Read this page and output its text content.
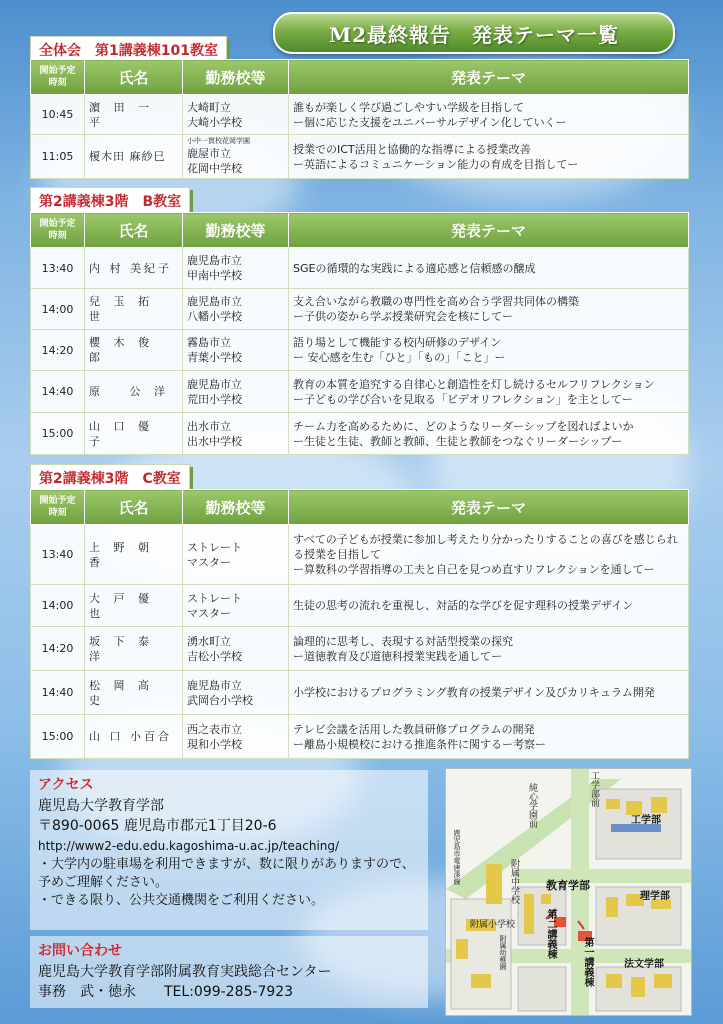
M2最終報告　発表テーマ一覧
全体会　第1講義棟101教室
開始予定
時刻	氏名	勤務校等	発表テーマ
10:45	濵 田 一 平	大崎町立
大崎小学校	誰もが楽しく学び過ごしやすい学級を目指して
ー個に応じた支援をユニバーサルデザイン化していくー
11:05	榎木田 麻紗巳	小中一貫校花岡学園
鹿屋市立
花岡中学校	授業でのICT活用と協働的な指導による授業改善
ー英語によるコミュニケーション能力の育成を目指してー
第2講義棟3階　B教室
開始予定
時刻	氏名	勤務校等	発表テーマ
13:40	内 村 美紀子	鹿児島市立
甲南中学校	SGEの循環的な実践による適応感と信頼感の醸成
14:00	兒 玉 拓 世	鹿児島市立
八幡小学校	支え合いながら教職の専門性を高め合う学習共同体の構築
ー子供の姿から学ぶ授業研究会を核にしてー
14:20	櫻 木 俊 郎	霧島市立
青葉小学校	語り場として機能する校内研修のデザイン
ー 安心感を生む「ひと」「もの」「こと」ー
14:40	原　 公 洋	鹿児島市立
荒田小学校	教育の本質を追究する自律心と創造性を灯し続けるセルフリフレクション
ー子どもの学び合いを見取る「ビデオリフレクション」を主としてー
15:00	山 口 優 子	出水市立
出水中学校	チーム力を高めるために、どのようなリーダーシップを図ればよいか
ー生徒と生徒、教師と教師、生徒と教師をつなぐリーダーシップー
第2講義棟3階　C教室
開始予定
時刻	氏名	勤務校等	発表テーマ
13:40	上 野 朝 香	ストレート
マスター	すべての子どもが授業に参加し考えたり分かったりすることの喜びを感じられ
る授業を目指して
ー算数科の学習指導の工夫と自己を見つめ直すリフレクションを通してー
14:00	大 戸 優 也	ストレート
マスター	生徒の思考の流れを重視し、対話的な学びを促す理科の授業デザイン
14:20	坂 下 泰 洋	湧水町立
吉松小学校	論理的に思考し、表現する対話型授業の探究
ー道徳教育及び道徳科授業実践を通してー
14:40	松 岡 高 史	鹿児島市立
武岡台小学校	小学校におけるプログラミング教育の授業デザイン及びカリキュラム開発
15:00	山 口 小百合	西之表市立
現和小学校	テレビ会議を活用した教員研修プログラムの開発
ー離島小規模校における推進条件に関するー考察ー
アクセス
鹿児島大学教育学部
〒890-0065 鹿児島市郡元1丁目20-6
http://www2-edu.edu.kagoshima-u.ac.jp/teaching/
・大学内の駐車場を利用できますが、数に限りがありますので、予めご理解ください。
・できる限り、公共交通機関をご利用ください。
お問い合わせ
鹿児島大学教育学部附属教育実践総合センター
事務　武・徳永　　TEL:099-285-7923
工学部前
純心学園前
鹿児島市電唐湊線
工学部
教育学部
附属中学校	理学部
附属小学校
附属幼稚園	第二講義棟
第一講義棟	法文学部
